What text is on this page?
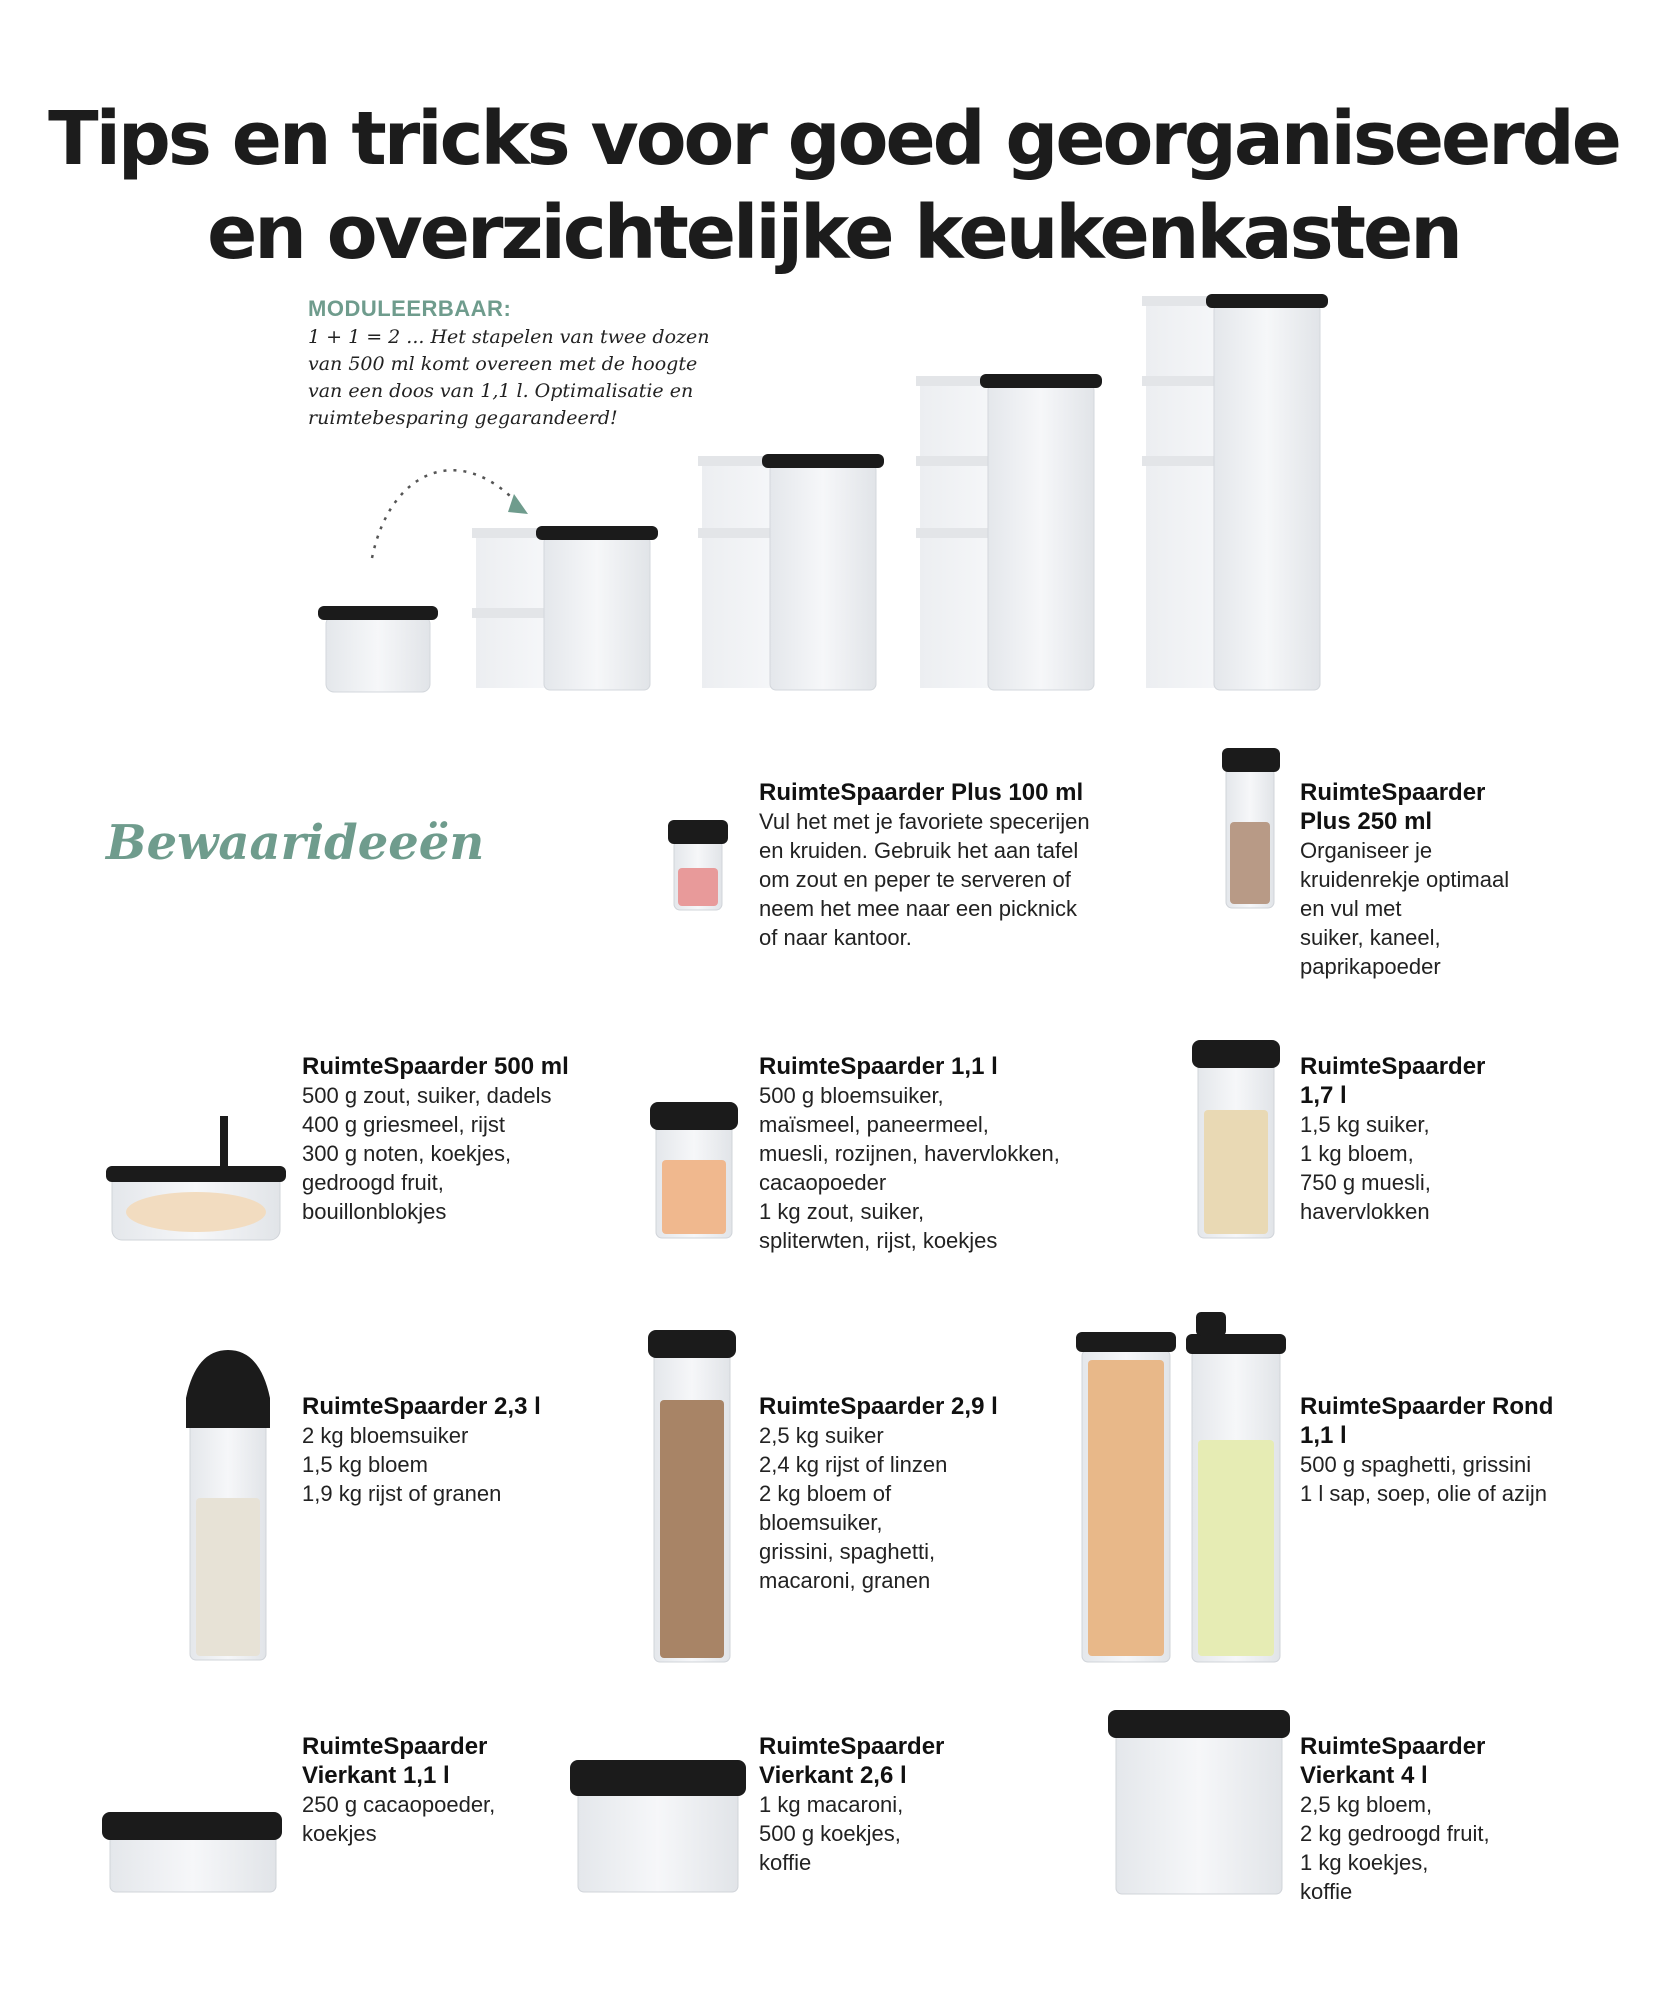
Tips en tricks voor goed georganiseerde
en overzichtelijke keukenkasten
MODULEERBAAR:
1 + 1 = 2 ... Het stapelen van twee dozen
van 500 ml komt overeen met de hoogte
van een doos van 1,1 l. Optimalisatie en
ruimtebesparing gegarandeerd!
Bewaarideeën
RuimteSpaarder Plus 100 ml
Vul het met je favoriete specerijen
en kruiden. Gebruik het aan tafel
om zout en peper te serveren of
neem het mee naar een picknick
of naar kantoor.
RuimteSpaarder
Plus 250 ml
Organiseer je
kruidenrekje optimaal
en vul met
suiker, kaneel,
paprikapoeder
RuimteSpaarder 500 ml
500 g zout, suiker, dadels
400 g griesmeel, rijst
300 g noten, koekjes,
gedroogd fruit,
bouillonblokjes
RuimteSpaarder 1,1 l
500 g bloemsuiker,
maïsmeel, paneermeel,
muesli, rozijnen, havervlokken,
cacaopoeder
1 kg zout, suiker,
spliterwten, rijst, koekjes
RuimteSpaarder
1,7 l
1,5 kg suiker,
1 kg bloem,
750 g muesli,
havervlokken
RuimteSpaarder 2,3 l
2 kg bloemsuiker
1,5 kg bloem
1,9 kg rijst of granen
RuimteSpaarder 2,9 l
2,5 kg suiker
2,4 kg rijst of linzen
2 kg bloem of
bloemsuiker,
grissini, spaghetti,
macaroni, granen
RuimteSpaarder Rond
1,1 l
500 g spaghetti, grissini
1 l sap, soep, olie of azijn
RuimteSpaarder
Vierkant 1,1 l
250 g cacaopoeder,
koekjes
RuimteSpaarder
Vierkant 2,6 l
1 kg macaroni,
500 g koekjes,
koffie
RuimteSpaarder
Vierkant 4 l
2,5 kg bloem,
2 kg gedroogd fruit,
1 kg koekjes,
koffie
